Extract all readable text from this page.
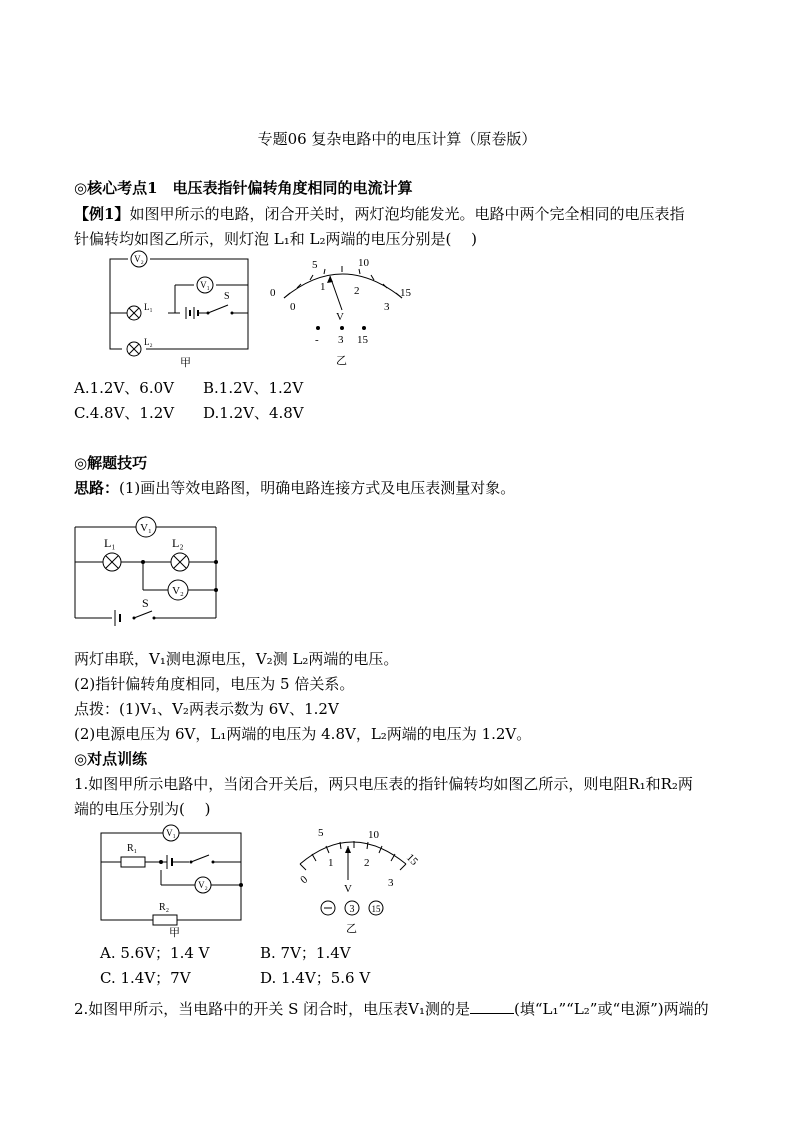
专题06 复杂电路中的电压计算（原卷版）
◎核心考点1　电压表指针偏转角度相同的电流计算
【例1】如图甲所示的电路，闭合开关时，两灯泡均能发光。电路中两个完全相同的电压表指
针偏转均如图乙所示，则灯泡 L₁和 L₂两端的电压分别是(　 )
V₂
V₁
L₁
S
L₂
甲
0
0
5
1
10
2	15
3
V
- 3 15
乙
A.1.2V、6.0V B.1.2V、1.2V
C.4.8V、1.2V D.1.2V、4.8V
◎解题技巧
思路：(1)画出等效电路图，明确电路连接方式及电压表测量对象。
V₁
L₁	L₂
V₂
S
两灯串联，V₁测电源电压，V₂测 L₂两端的电压。
(2)指针偏转角度相同，电压为 5 倍关系。
点拨：(1)V₁、V₂两表示数为 6V、1.2V
(2)电源电压为 6V，L₁两端的电压为 4.8V，L₂两端的电压为 1.2V。
◎对点训练
1.如图甲所示电路中，当闭合开关后，两只电压表的指针偏转均如图乙所示，则电阻R₁和R₂两
端的电压分别为(　 )
V₁
R₁
V₂
R₂
甲
0
5
1
10
2	15
3
V
3 15
乙
A. 5.6V；1.4 V	B. 7V；1.4V
C. 1.4V；7V	D. 1.4V；5.6 V
2.如图甲所示，当电路中的开关 S 闭合时，电压表V₁测的是	(填“L₁”“L₂”或“电源”)两端的
